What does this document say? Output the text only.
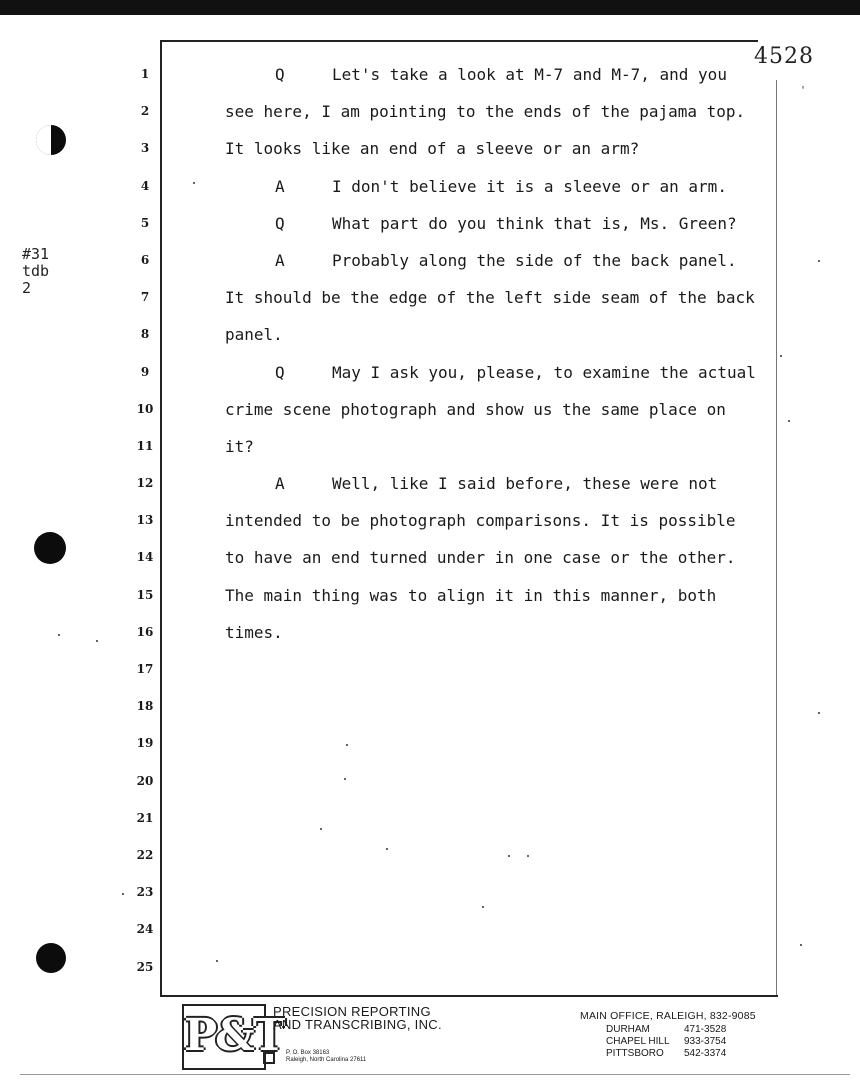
4528
'
#31
tdb
2
1
2
3
4
5
6
7
8
9
10
11
12
13
14
15
16
17
18
19
20
21
22
23
24
25
Q	Let's take a look at M-7 and M-7, and you
see here, I am pointing to the ends of the pajama top.
It looks like an end of a sleeve or an arm?
A	I don't believe it is a sleeve or an arm.
Q	What part do you think that is, Ms. Green?
A	Probably along the side of the back panel.
It should be the edge of the left side seam of the back
panel.
Q	May I ask you, please, to examine the actual
crime scene photograph and show us the same place on
it?
A	Well, like I said before, these were not
intended to be photograph comparisons. It is possible
to have an end turned under in one case or the other.
The main thing was to align it in this manner, both
times.
P&T
PRECISION REPORTING
AND TRANSCRIBING, INC.
P. O. Box 38163
Raleigh, North Carolina 27611
MAIN OFFICE, RALEIGH, 832-9085
DURHAM	471-3528
CHAPEL HILL 933-3754
PITTSBORO 542-3374
